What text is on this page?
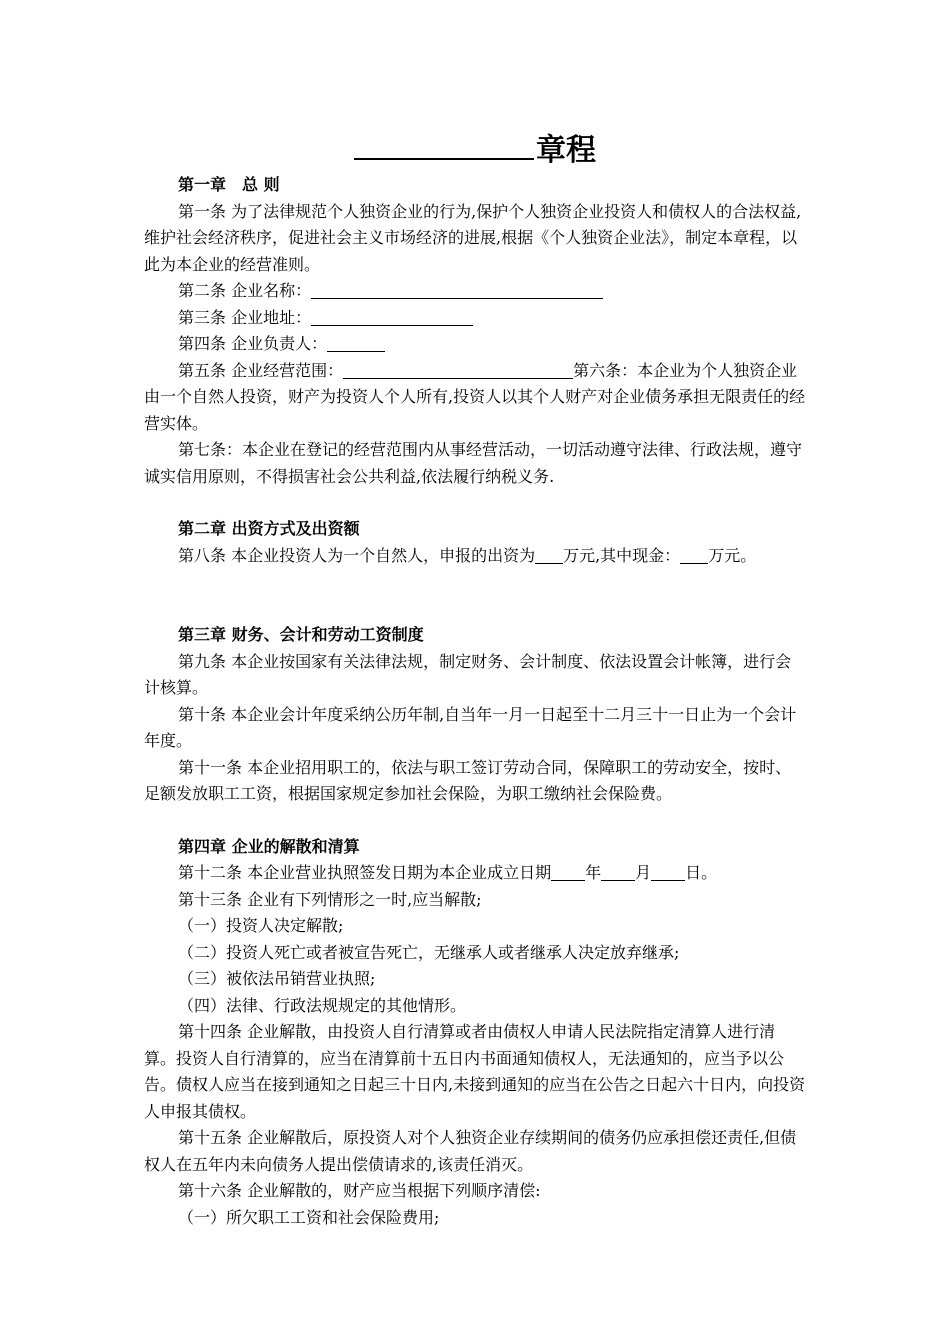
章程

第一章　总 则

第一条 为了法律规范个人独资企业的行为,保护个人独资企业投资人和债权人的合法权益,维护社会经济秩序，促进社会主义市场经济的进展,根据《个人独资企业法》，制定本章程，以此为本企业的经营准则。

第二条 企业名称：

第三条 企业地址：

第四条 企业负责人：

第五条 企业经营范围：	第六条：本企业为个人独资企业由一个自然人投资，财产为投资人个人所有,投资人以其个人财产对企业债务承担无限责任的经营实体。

第七条：本企业在登记的经营范围内从事经营活动，一切活动遵守法律、行政法规，遵守诚实信用原则，不得损害社会公共利益,依法履行纳税义务.

第二章 出资方式及出资额

第八条 本企业投资人为一个自然人，申报的出资为 万元,其中现金： 万元。

第三章 财务、会计和劳动工资制度

第九条 本企业按国家有关法律法规，制定财务、会计制度、依法设置会计帐簿，进行会计核算。

第十条 本企业会计年度采纳公历年制,自当年一月一日起至十二月三十一日止为一个会计年度。

第十一条 本企业招用职工的，依法与职工签订劳动合同，保障职工的劳动安全，按时、足额发放职工工资，根据国家规定参加社会保险，为职工缴纳社会保险费。

第四章 企业的解散和清算

第十二条 本企业营业执照签发日期为本企业成立日期 年 月 日。

第十三条 企业有下列情形之一时,应当解散;

（一）投资人决定解散;

（二）投资人死亡或者被宣告死亡，无继承人或者继承人决定放弃继承;

（三）被依法吊销营业执照;

（四）法律、行政法规规定的其他情形。

第十四条 企业解散，由投资人自行清算或者由债权人申请人民法院指定清算人进行清算。投资人自行清算的，应当在清算前十五日内书面通知债权人，无法通知的，应当予以公告。债权人应当在接到通知之日起三十日内,未接到通知的应当在公告之日起六十日内，向投资人申报其债权。

第十五条 企业解散后，原投资人对个人独资企业存续期间的债务仍应承担偿还责任,但债权人在五年内未向债务人提出偿债请求的,该责任消灭。

第十六条 企业解散的，财产应当根据下列顺序清偿:

（一）所欠职工工资和社会保险费用;
